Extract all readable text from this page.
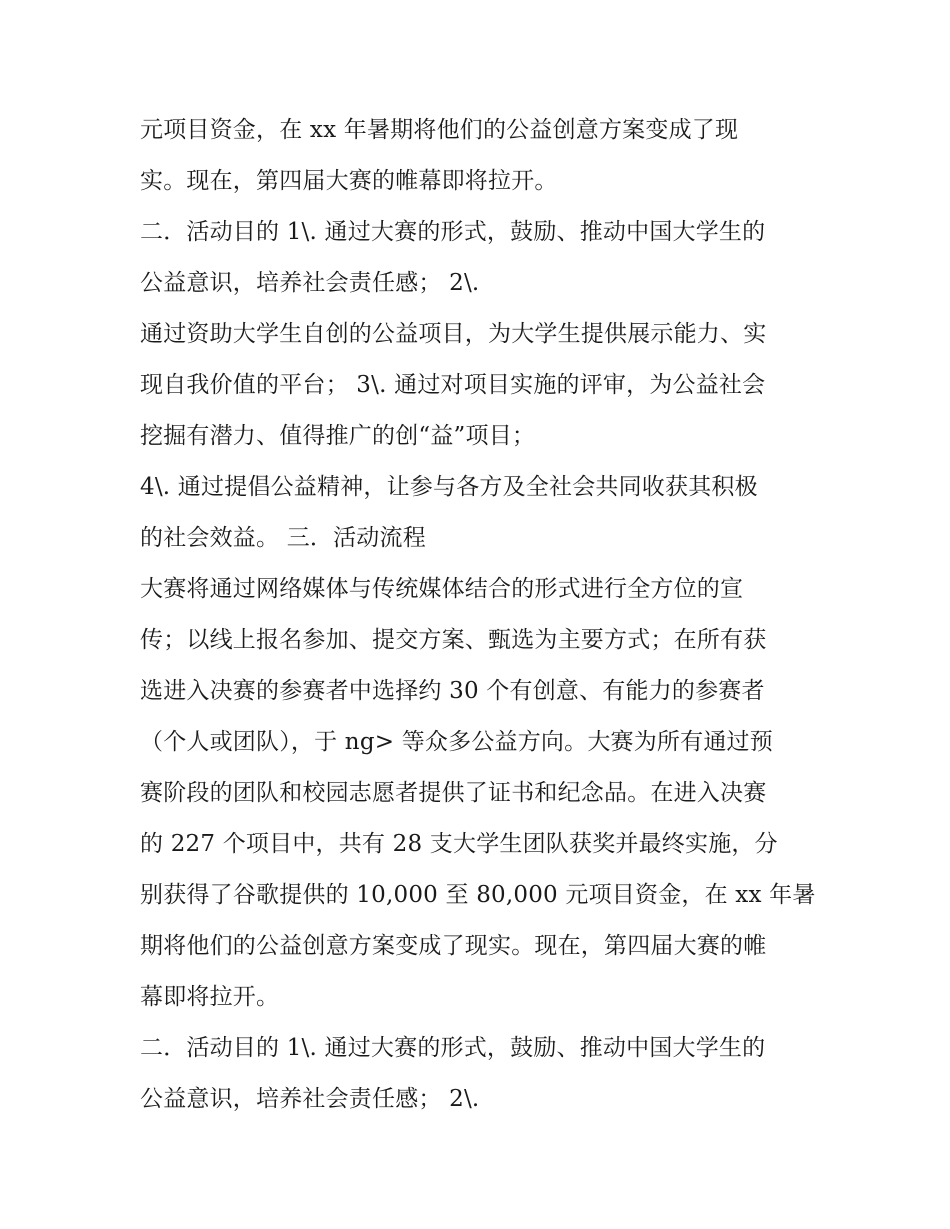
元项目资金，在 xx 年暑期将他们的公益创意方案变成了现
实。现在，第四届大赛的帷幕即将拉开。
二．活动目的 1\. 通过大赛的形式，鼓励、推动中国大学生的
公益意识，培养社会责任感； 2\.
通过资助大学生自创的公益项目，为大学生提供展示能力、实
现自我价值的平台； 3\. 通过对项目实施的评审，为公益社会
挖掘有潜力、值得推广的创“益”项目；
4\. 通过提倡公益精神，让参与各方及全社会共同收获其积极
的社会效益。 三．活动流程
大赛将通过网络媒体与传统媒体结合的形式进行全方位的宣
传；以线上报名参加、提交方案、甄选为主要方式；在所有获
选进入决赛的参赛者中选择约 30 个有创意、有能力的参赛者
（个人或团队），于 ng> 等众多公益方向。大赛为所有通过预
赛阶段的团队和校园志愿者提供了证书和纪念品。在进入决赛
的 227 个项目中，共有 28 支大学生团队获奖并最终实施，分
别获得了谷歌提供的 10,000 至 80,000 元项目资金，在 xx 年暑
期将他们的公益创意方案变成了现实。现在，第四届大赛的帷
幕即将拉开。
二．活动目的 1\. 通过大赛的形式，鼓励、推动中国大学生的
公益意识，培养社会责任感； 2\.
